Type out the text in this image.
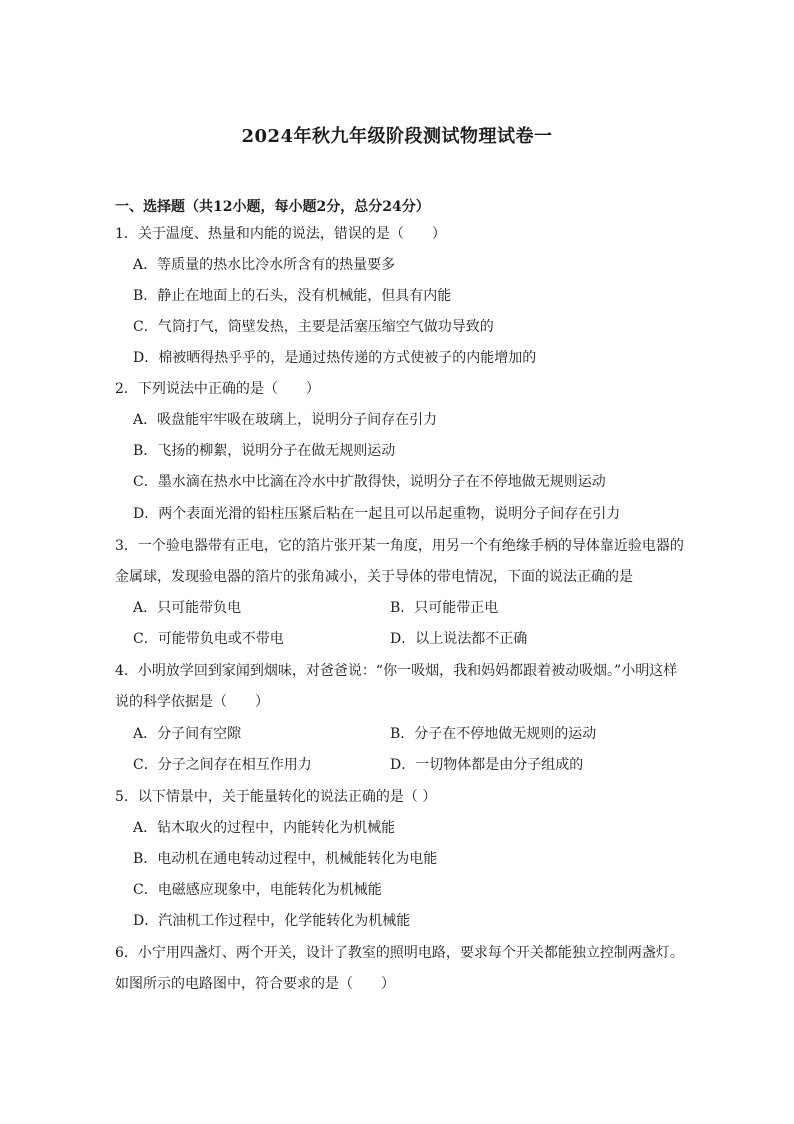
2024年秋九年级阶段测试物理试卷一
一、选择题（共12小题，每小题2分，总分24分）
1．关于温度、热量和内能的说法，错误的是（　　）
A．等质量的热水比冷水所含有的热量要多
B．静止在地面上的石头，没有机械能，但具有内能
C．气筒打气，筒壁发热，主要是活塞压缩空气做功导致的
D．棉被晒得热乎乎的，是通过热传递的方式使被子的内能增加的
2．下列说法中正确的是（　　）
A．吸盘能牢牢吸在玻璃上，说明分子间存在引力
B．飞扬的柳絮，说明分子在做无规则运动
C．墨水滴在热水中比滴在冷水中扩散得快，说明分子在不停地做无规则运动
D．两个表面光滑的铅柱压紧后粘在一起且可以吊起重物，说明分子间存在引力
3．一个验电器带有正电，它的箔片张开某一角度，用另一个有绝缘手柄的导体靠近验电器的
金属球，发现验电器的箔片的张角减小，关于导体的带电情况，下面的说法正确的是
A．只可能带负电	B．只可能带正电
C．可能带负电或不带电	D．以上说法都不正确
4．小明放学回到家闻到烟味，对爸爸说：“你一吸烟，我和妈妈都跟着被动吸烟。”小明这样
说的科学依据是（　　）
A．分子间有空隙	B．分子在不停地做无规则的运动
C．分子之间存在相互作用力	D．一切物体都是由分子组成的
5．以下情景中，关于能量转化的说法正确的是（ ）
A．钻木取火的过程中，内能转化为机械能
B．电动机在通电转动过程中，机械能转化为电能
C．电磁感应现象中，电能转化为机械能
D．汽油机工作过程中，化学能转化为机械能
6．小宁用四盏灯、两个开关，设计了教室的照明电路，要求每个开关都能独立控制两盏灯。
如图所示的电路图中，符合要求的是（　　）
